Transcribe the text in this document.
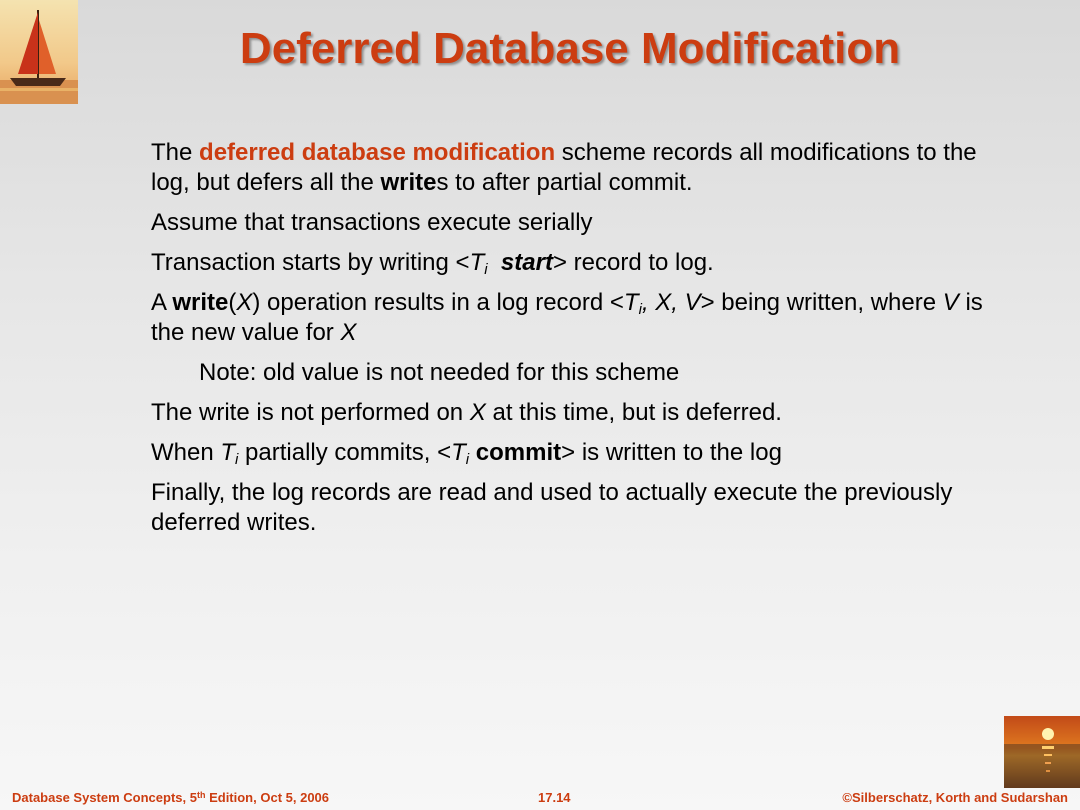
Deferred Database Modification
The deferred database modification scheme records all modifications to the log, but defers all the writes to after partial commit.
Assume that transactions execute serially
Transaction starts by writing $<T_i$ start> record to log.
A write(X) operation results in a log record $<T_i$, X, V> being written, where V is the new value for X
Note: old value is not needed for this scheme
The write is not performed on X at this time, but is deferred.
When $T_i$ partially commits, $<T_i$ commit> is written to the log
Finally, the log records are read and used to actually execute the previously deferred writes.
Database System Concepts, 5th Edition, Oct 5, 2006	17.14	©Silberschatz, Korth and Sudarshan
